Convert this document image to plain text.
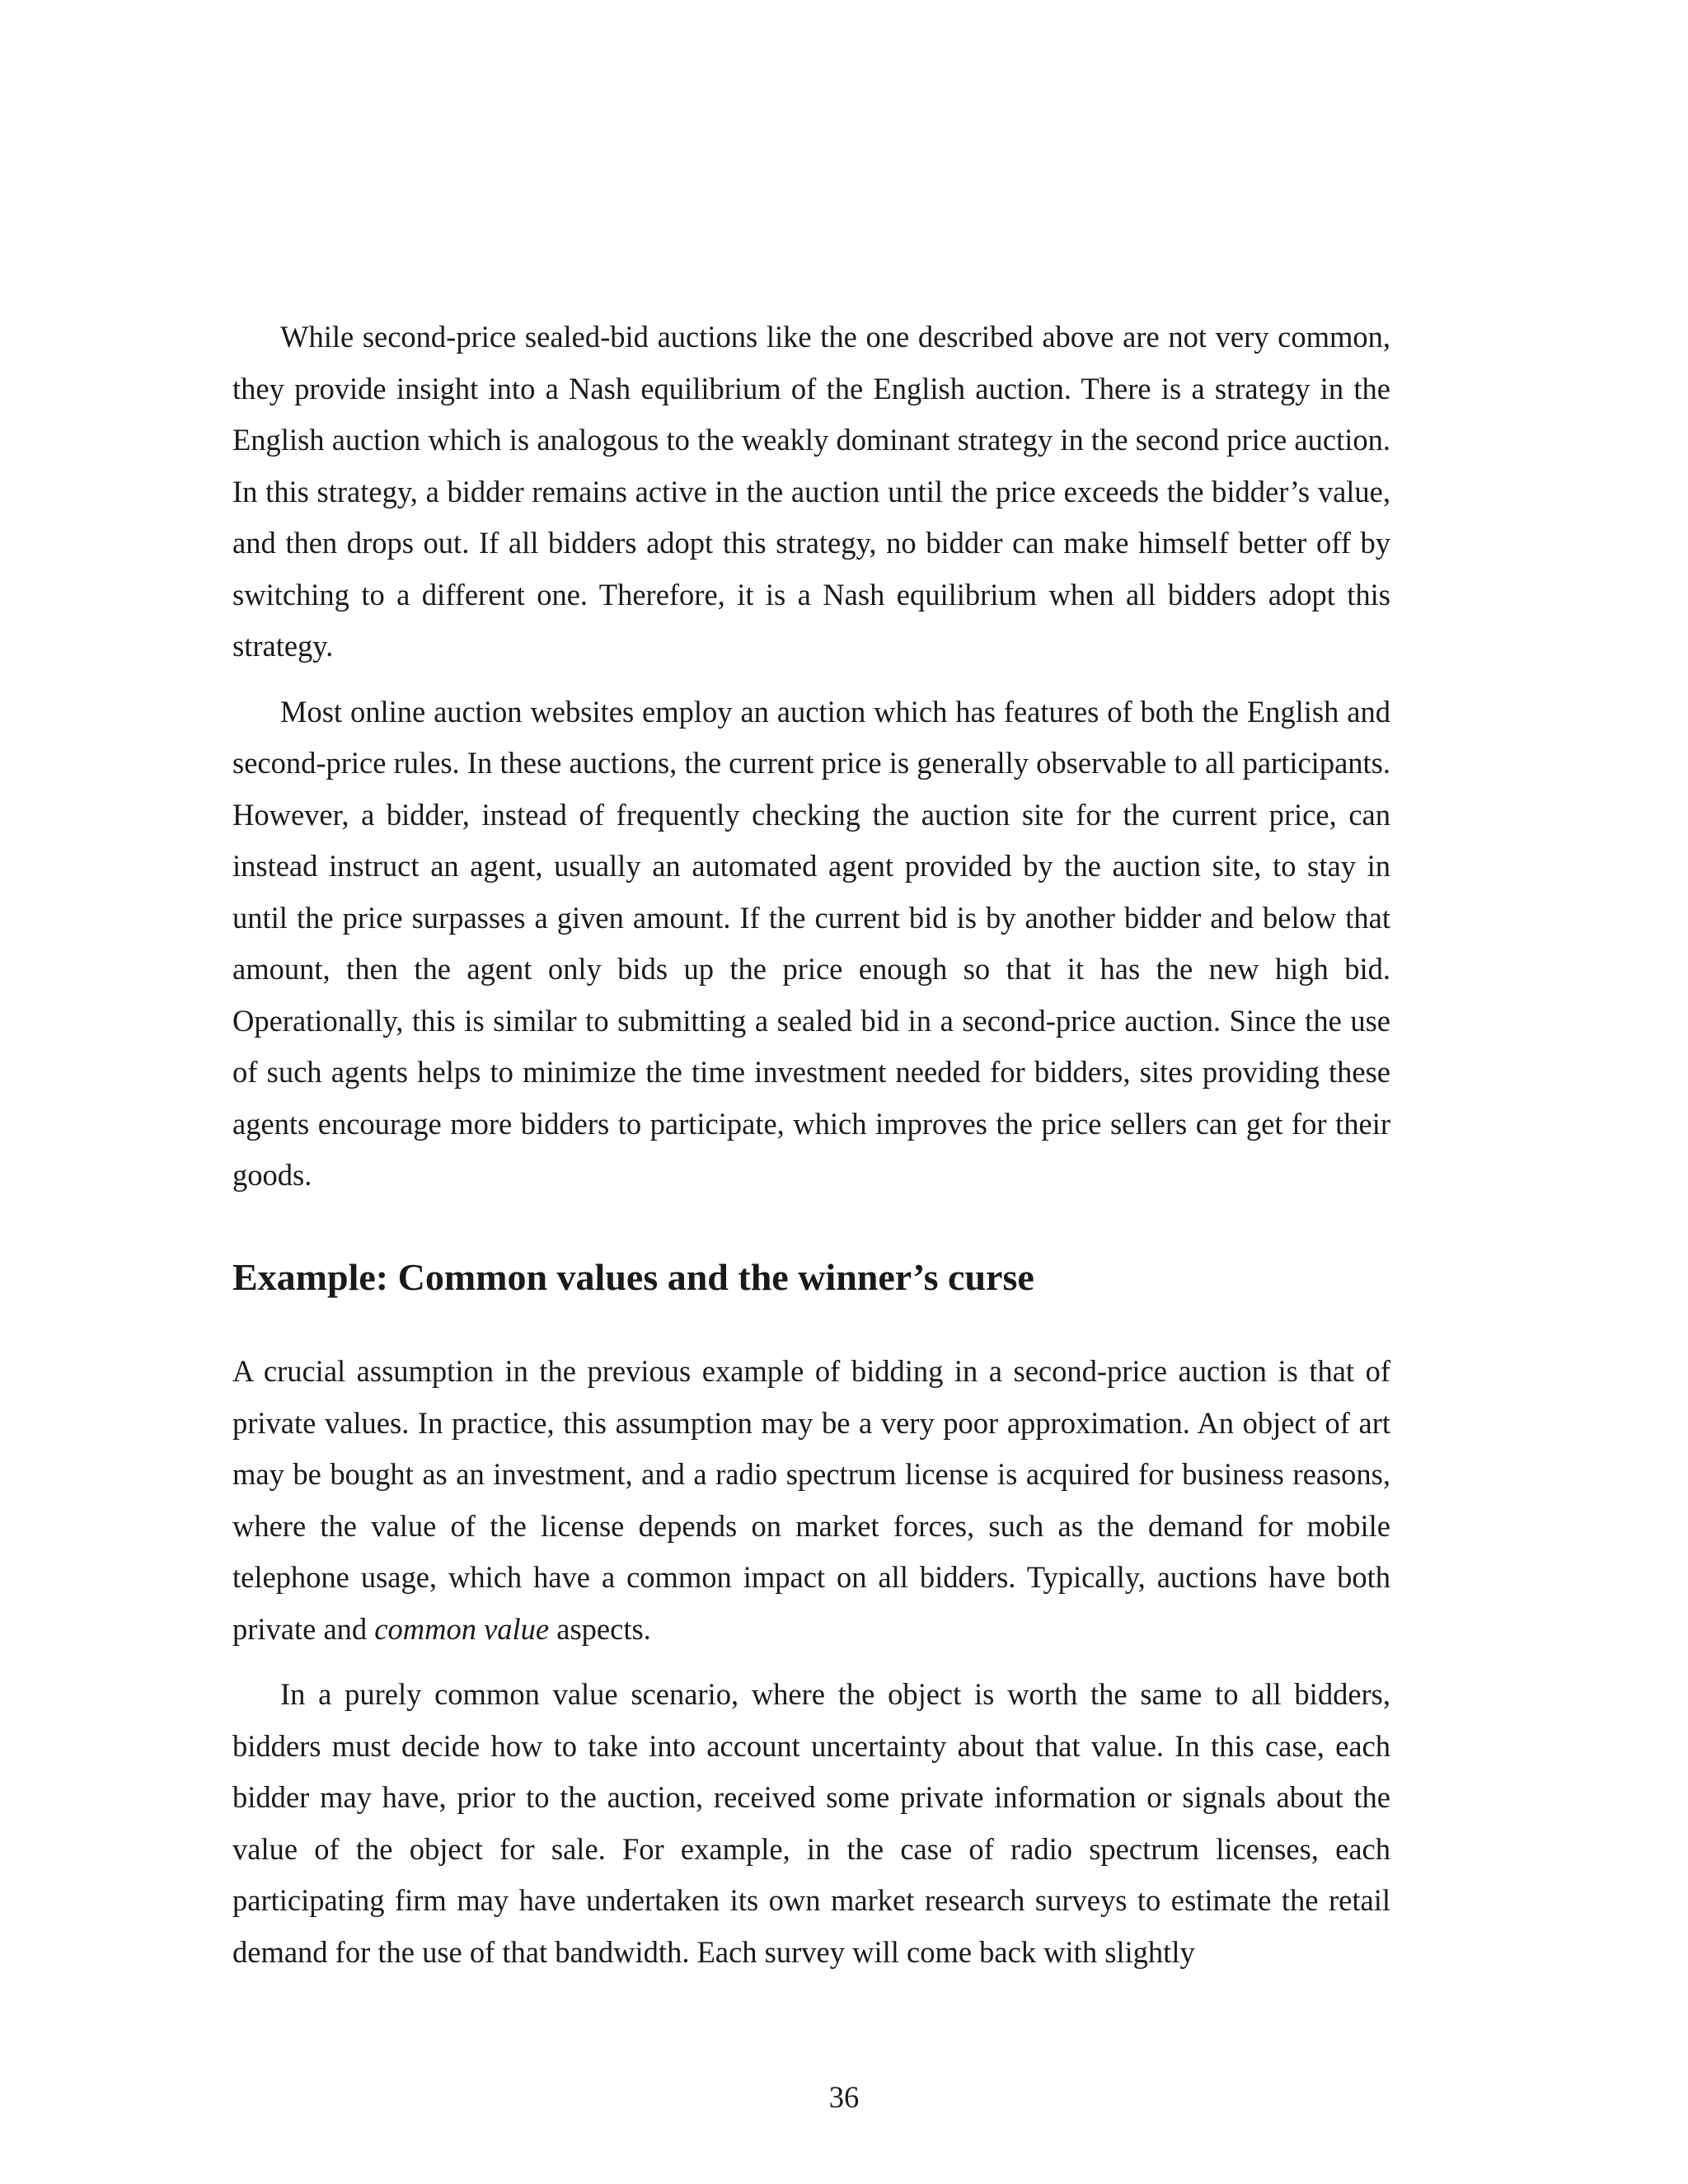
While second-price sealed-bid auctions like the one described above are not very common, they provide insight into a Nash equilibrium of the English auction. There is a strategy in the English auction which is analogous to the weakly dominant strategy in the second price auction. In this strategy, a bidder remains active in the auction until the price exceeds the bidder’s value, and then drops out. If all bidders adopt this strategy, no bidder can make himself better off by switching to a different one. Therefore, it is a Nash equilibrium when all bidders adopt this strategy.

Most online auction websites employ an auction which has features of both the English and second-price rules. In these auctions, the current price is generally observable to all participants. However, a bidder, instead of frequently checking the auction site for the current price, can instead instruct an agent, usually an automated agent provided by the auction site, to stay in until the price surpasses a given amount. If the current bid is by another bidder and below that amount, then the agent only bids up the price enough so that it has the new high bid. Operationally, this is similar to submitting a sealed bid in a second-price auction. Since the use of such agents helps to minimize the time investment needed for bidders, sites providing these agents encourage more bidders to participate, which improves the price sellers can get for their goods.

Example: Common values and the winner’s curse

A crucial assumption in the previous example of bidding in a second-price auction is that of private values. In practice, this assumption may be a very poor approximation. An object of art may be bought as an investment, and a radio spectrum license is acquired for business reasons, where the value of the license depends on market forces, such as the demand for mobile telephone usage, which have a common impact on all bidders. Typically, auctions have both private and common value aspects.

In a purely common value scenario, where the object is worth the same to all bidders, bidders must decide how to take into account uncertainty about that value. In this case, each bidder may have, prior to the auction, received some private information or signals about the value of the object for sale. For example, in the case of radio spectrum licenses, each participating firm may have undertaken its own market research surveys to estimate the retail demand for the use of that bandwidth. Each survey will come back with slightly

36
